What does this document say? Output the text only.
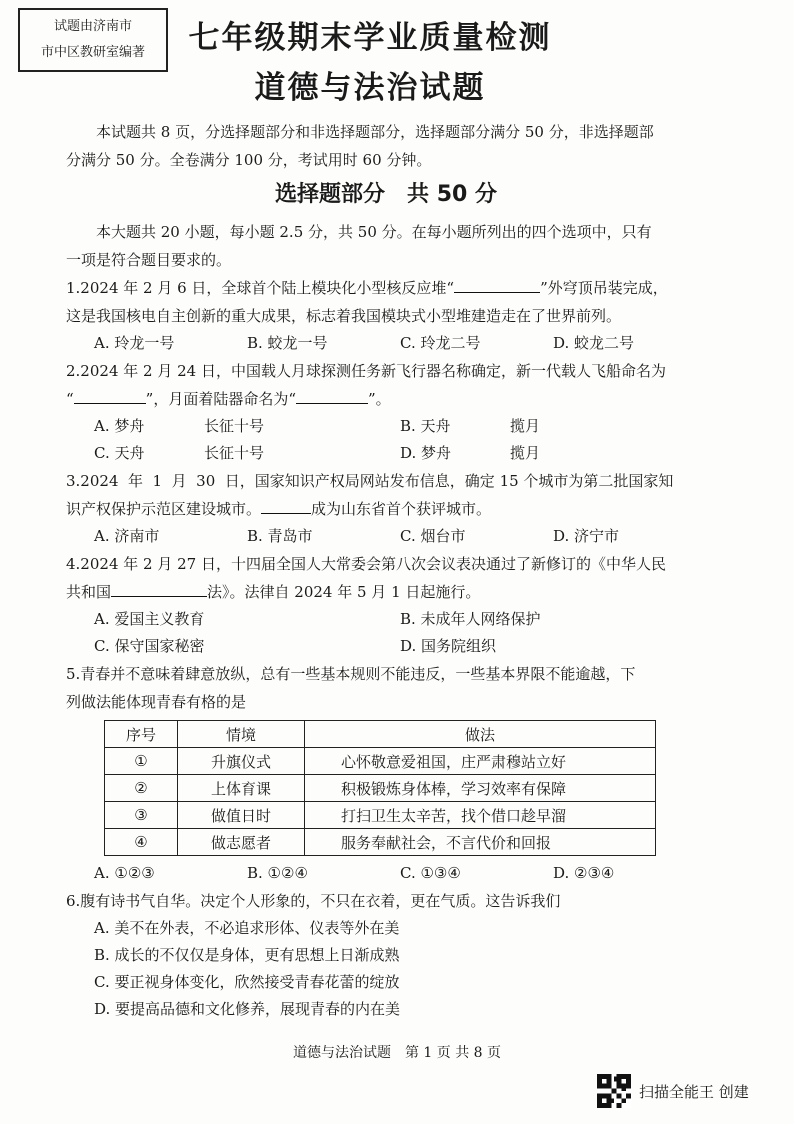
试题由济南市
市中区教研室编著	七年级期末学业质量检测
道德与法治试题

本试题共 8 页，分选择题部分和非选择题部分，选择题部分满分 50 分，非选择题部

分满分 50 分。全卷满分 100 分，考试用时 60 分钟。

选择题部分　共 50 分

本大题共 20 小题，每小题 2.5 分，共 50 分。在每小题所列出的四个选项中，只有

一项是符合题目要求的。

1.2024 年 2 月 6 日，全球首个陆上模块化小型核反应堆“	”外穹顶吊装完成，

这是我国核电自主创新的重大成果，标志着我国模块式小型堆建造走在了世界前列。

A. 玲龙一号	B. 蛟龙一号	C. 玲龙二号	D. 蛟龙二号

2.2024 年 2 月 24 日，中国载人月球探测任务新飞行器名称确定，新一代载人飞船命名为

“	”，月面着陆器命名为“	”。

A. 梦舟	长征十号	B. 天舟	揽月
C. 天舟	长征十号	D. 梦舟	揽月

3.2024  年  1  月  30  日，国家知识产权局网站发布信息，确定 15 个城市为第二批国家知

识产权保护示范区建设城市。	成为山东省首个获评城市。

A. 济南市	B. 青岛市	C. 烟台市	D. 济宁市

4.2024 年 2 月 27 日，十四届全国人大常委会第八次会议表决通过了新修订的《中华人民

共和国	法》。法律自 2024 年 5 月 1 日起施行。

A. 爱国主义教育	B. 未成年人网络保护
C. 保守国家秘密	D. 国务院组织

5.青春并不意味着肆意放纵，总有一些基本规则不能违反，一些基本界限不能逾越，下

列做法能体现青春有格的是

序号	情境	做法
①	升旗仪式	心怀敬意爱祖国，庄严肃穆站立好
②	上体育课	积极锻炼身体棒，学习效率有保障
③	做值日时	打扫卫生太辛苦，找个借口趁早溜
④	做志愿者	服务奉献社会，不言代价和回报
A. ①②③	B. ①②④	C. ①③④	D. ②③④

6.腹有诗书气自华。决定个人形象的，不只在衣着，更在气质。这告诉我们

A. 美不在外表，不必追求形体、仪表等外在美
B. 成长的不仅仅是身体，更有思想上日渐成熟
C. 要正视身体变化，欣然接受青春花蕾的绽放
D. 要提高品德和文化修养，展现青春的内在美
道德与法治试题　第 1 页 共 8 页
扫描全能王 创建
